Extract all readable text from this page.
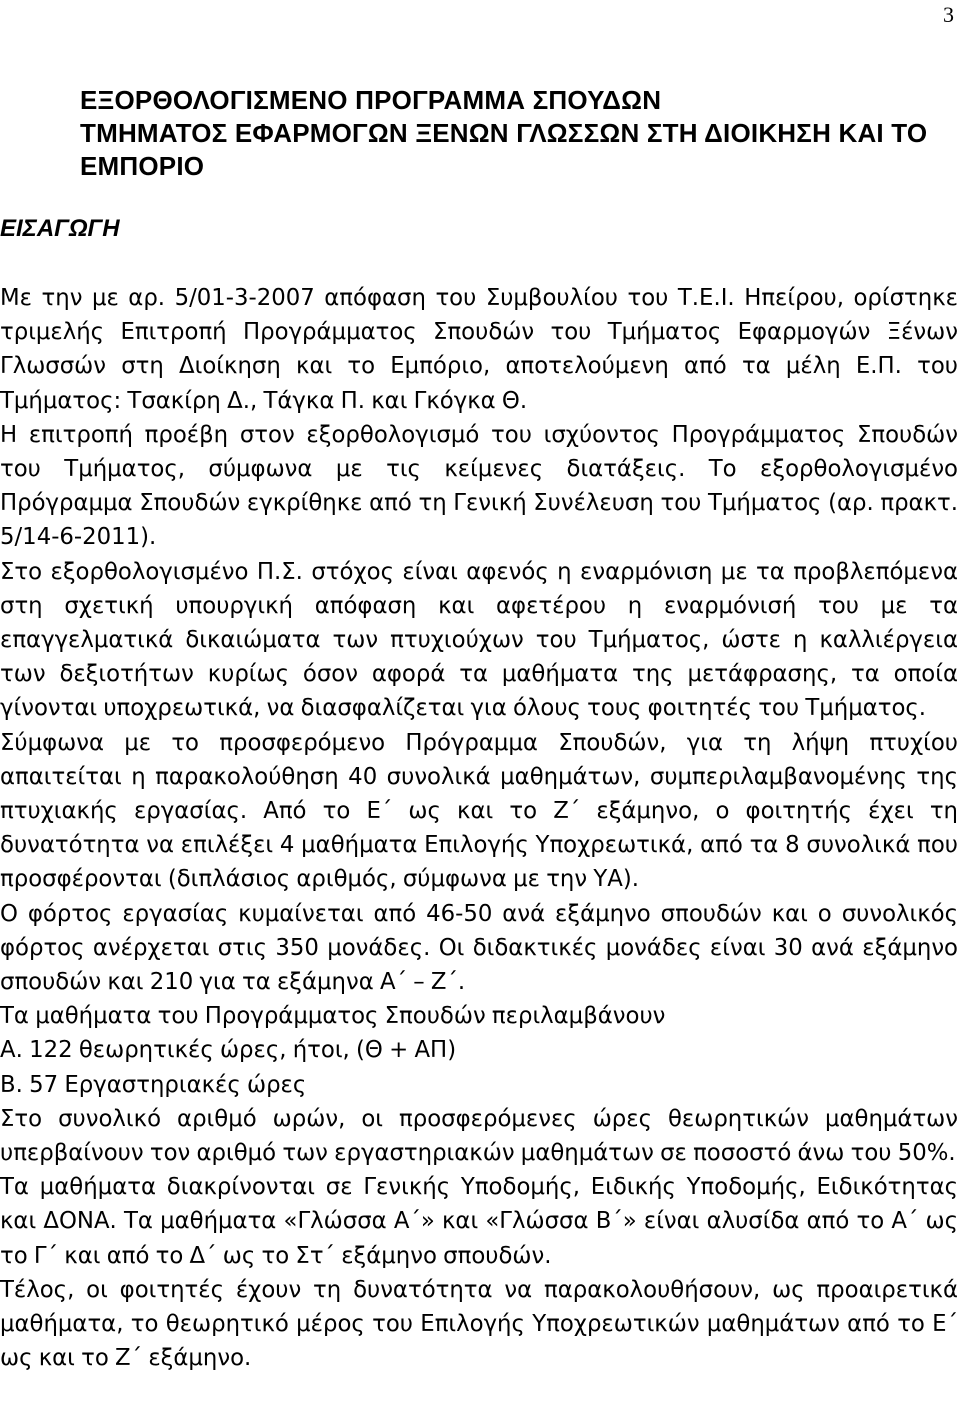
3
ΕΞΟΡΘΟΛΟΓΙΣΜΕΝΟ ΠΡΟΓΡΑΜΜΑ ΣΠΟΥΔΩΝ
ΤΜΗΜΑΤΟΣ ΕΦΑΡΜΟΓΩΝ ΞΕΝΩΝ ΓΛΩΣΣΩΝ ΣΤΗ ΔΙΟΙΚΗΣΗ ΚΑΙ ΤΟ
ΕΜΠΟΡΙΟ
ΕΙΣΑΓΩΓΗ

Με την με αρ. 5/01-3-2007 απόφαση του Συμβουλίου του Τ.Ε.Ι. Ηπείρου, ορίστηκε τριμελής Επιτροπή Προγράμματος Σπουδών του Τμήματος Εφαρμογών Ξένων Γλωσσών στη Διοίκηση και το Εμπόριο, αποτελούμενη από τα μέλη Ε.Π. του Τμήματος: Τσακίρη Δ., Τάγκα Π. και Γκόγκα Θ.

Η επιτροπή προέβη στον εξορθολογισμό του ισχύοντος Προγράμματος Σπουδών του Τμήματος, σύμφωνα με τις κείμενες διατάξεις. Το εξορθολογισμένο Πρόγραμμα Σπουδών εγκρίθηκε από τη Γενική Συνέλευση του Τμήματος (αρ. πρακτ. 5/14-6-2011).

Στο εξορθολογισμένο Π.Σ. στόχος είναι αφενός η εναρμόνιση με τα προβλεπόμενα στη σχετική υπουργική απόφαση και αφετέρου η εναρμόνισή του με τα επαγγελματικά δικαιώματα των πτυχιούχων του Τμήματος, ώστε η καλλιέργεια των δεξιοτήτων κυρίως όσον αφορά τα μαθήματα της μετάφρασης, τα οποία γίνονται υποχρεωτικά, να διασφαλίζεται για όλους τους φοιτητές του Τμήματος.

Σύμφωνα με το προσφερόμενο Πρόγραμμα Σπουδών, για τη λήψη πτυχίου απαιτείται η παρακολούθηση 40 συνολικά μαθημάτων, συμπεριλαμβανομένης της πτυχιακής εργασίας. Από το Ε΄ ως και το Ζ΄ εξάμηνο, ο φοιτητής έχει τη δυνατότητα να επιλέξει 4 μαθήματα Επιλογής Υποχρεωτικά, από τα 8 συνολικά που προσφέρονται (διπλάσιος αριθμός, σύμφωνα με την ΥΑ).

Ο φόρτος εργασίας κυμαίνεται από 46-50 ανά εξάμηνο σπουδών και ο συνολικός φόρτος ανέρχεται στις 350 μονάδες. Οι διδακτικές μονάδες είναι 30 ανά εξάμηνο σπουδών και 210 για τα εξάμηνα Α΄ – Ζ΄.

Τα μαθήματα του Προγράμματος Σπουδών περιλαμβάνουν

Α. 122 θεωρητικές ώρες, ήτοι, (Θ + ΑΠ)

Β. 57 Εργαστηριακές ώρες

Στο συνολικό αριθμό ωρών, οι προσφερόμενες ώρες θεωρητικών μαθημάτων υπερβαίνουν τον αριθμό των εργαστηριακών μαθημάτων σε ποσοστό άνω του 50%.

Τα μαθήματα διακρίνονται σε Γενικής Υποδομής, Ειδικής Υποδομής, Ειδικότητας και ΔΟΝΑ. Τα μαθήματα «Γλώσσα Α΄» και «Γλώσσα Β΄» είναι αλυσίδα από το Α΄ ως το Γ΄ και από το Δ΄ ως το Στ΄ εξάμηνο σπουδών.

Τέλος, οι φοιτητές έχουν τη δυνατότητα να παρακολουθήσουν, ως προαιρετικά μαθήματα, το θεωρητικό μέρος του Επιλογής Υποχρεωτικών μαθημάτων από το Ε΄ ως και το Ζ΄ εξάμηνο.
